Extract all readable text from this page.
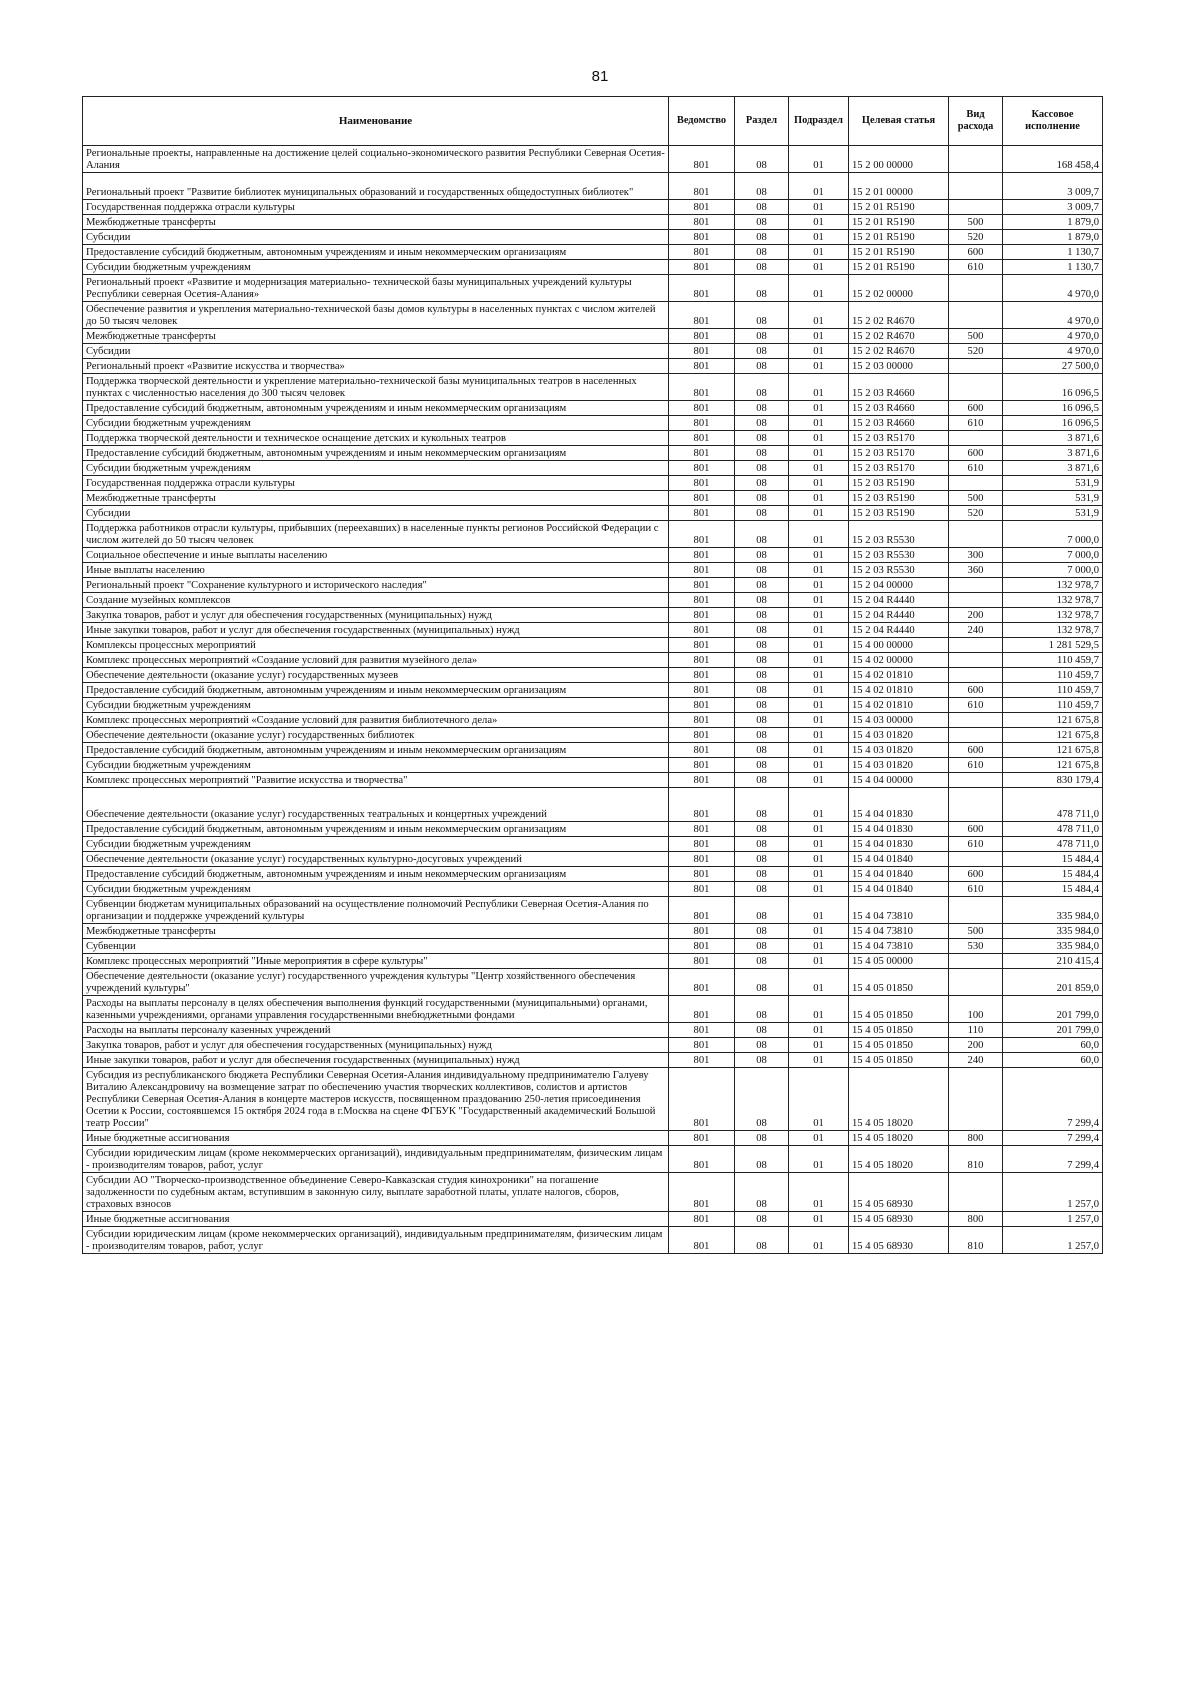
81
Наименование	Ведомство	Раздел	Подраздел	Целевая статья	Вид расхода	Кассовое исполнение
Региональные проекты, направленные на достижение целей социально-экономического развития Республики Северная Осетия-Алания	801	08	01	15 2 00 00000		168 458,4
Региональный проект "Развитие библиотек муниципальных образований и государственных общедоступных библиотек"	801	08	01	15 2 01 00000		3 009,7
Государственная поддержка отрасли культуры	801	08	01	15 2 01 R5190		3 009,7
Межбюджетные трансферты	801	08	01	15 2 01 R5190	500	1 879,0
Субсидии	801	08	01	15 2 01 R5190	520	1 879,0
Предоставление субсидий бюджетным, автономным учреждениям и иным некоммерческим организациям	801	08	01	15 2 01 R5190	600	1 130,7
Субсидии бюджетным учреждениям	801	08	01	15 2 01 R5190	610	1 130,7
Региональный проект «Развитие и модернизация материально- технической базы муниципальных учреждений культуры Республики северная Осетия-Алания»	801	08	01	15 2 02 00000		4 970,0
Обеспечение развития и укрепления материально-технической базы домов культуры в населенных пунктах с числом жителей до 50 тысяч человек	801	08	01	15 2 02 R4670		4 970,0
Межбюджетные трансферты	801	08	01	15 2 02 R4670	500	4 970,0
Субсидии	801	08	01	15 2 02 R4670	520	4 970,0
Региональный проект «Развитие искусства и творчества»	801	08	01	15 2 03 00000		27 500,0
Поддержка творческой деятельности и укрепление материально-технической базы муниципальных театров в населенных пунктах с численностью населения до 300 тысяч человек	801	08	01	15 2 03 R4660		16 096,5
Предоставление субсидий бюджетным, автономным учреждениям и иным некоммерческим организациям	801	08	01	15 2 03 R4660	600	16 096,5
Субсидии бюджетным учреждениям	801	08	01	15 2 03 R4660	610	16 096,5
Поддержка творческой деятельности и техническое оснащение детских и кукольных театров	801	08	01	15 2 03 R5170		3 871,6
Предоставление субсидий бюджетным, автономным учреждениям и иным некоммерческим организациям	801	08	01	15 2 03 R5170	600	3 871,6
Субсидии бюджетным учреждениям	801	08	01	15 2 03 R5170	610	3 871,6
Государственная поддержка отрасли культуры	801	08	01	15 2 03 R5190		531,9
Межбюджетные трансферты	801	08	01	15 2 03 R5190	500	531,9
Субсидии	801	08	01	15 2 03 R5190	520	531,9
Поддержка работников отрасли культуры, прибывших (переехавших) в населенные пункты регионов Российской Федерации с числом жителей до 50 тысяч человек	801	08	01	15 2 03 R5530		7 000,0
Социальное обеспечение и иные выплаты населению	801	08	01	15 2 03 R5530	300	7 000,0
Иные выплаты населению	801	08	01	15 2 03 R5530	360	7 000,0
Региональный проект "Сохранение культурного и исторического наследия"	801	08	01	15 2 04 00000		132 978,7
Создание музейных комплексов	801	08	01	15 2 04 R4440		132 978,7
Закупка товаров, работ и услуг для обеспечения государственных (муниципальных) нужд	801	08	01	15 2 04 R4440	200	132 978,7
Иные закупки товаров, работ и услуг для обеспечения государственных (муниципальных) нужд	801	08	01	15 2 04 R4440	240	132 978,7
Комплексы процессных мероприятий	801	08	01	15 4 00 00000		1 281 529,5
Комплекс процессных мероприятий «Создание условий для развития музейного дела»	801	08	01	15 4 02 00000		110 459,7
Обеспечение деятельности (оказание услуг) государственных музеев	801	08	01	15 4 02 01810		110 459,7
Предоставление субсидий бюджетным, автономным учреждениям и иным некоммерческим организациям	801	08	01	15 4 02 01810	600	110 459,7
Субсидии бюджетным учреждениям	801	08	01	15 4 02 01810	610	110 459,7
Комплекс процессных мероприятий «Создание условий для развития библиотечного дела»	801	08	01	15 4 03 00000		121 675,8
Обеспечение деятельности (оказание услуг) государственных библиотек	801	08	01	15 4 03 01820		121 675,8
Предоставление субсидий бюджетным, автономным учреждениям и иным некоммерческим организациям	801	08	01	15 4 03 01820	600	121 675,8
Субсидии бюджетным учреждениям	801	08	01	15 4 03 01820	610	121 675,8
Комплекс процессных мероприятий "Развитие искусства и творчества"	801	08	01	15 4 04 00000		830 179,4
Обеспечение деятельности (оказание услуг) государственных театральных и концертных учреждений	801	08	01	15 4 04 01830		478 711,0
Предоставление субсидий бюджетным, автономным учреждениям и иным некоммерческим организациям	801	08	01	15 4 04 01830	600	478 711,0
Субсидии бюджетным учреждениям	801	08	01	15 4 04 01830	610	478 711,0
Обеспечение деятельности (оказание услуг) государственных культурно-досуговых учреждений	801	08	01	15 4 04 01840		15 484,4
Предоставление субсидий бюджетным, автономным учреждениям и иным некоммерческим организациям	801	08	01	15 4 04 01840	600	15 484,4
Субсидии бюджетным учреждениям	801	08	01	15 4 04 01840	610	15 484,4
Субвенции бюджетам муниципальных образований на осуществление полномочий Республики Северная Осетия-Алания по организации и поддержке учреждений культуры	801	08	01	15 4 04 73810		335 984,0
Межбюджетные трансферты	801	08	01	15 4 04 73810	500	335 984,0
Субвенции	801	08	01	15 4 04 73810	530	335 984,0
Комплекс процессных мероприятий "Иные мероприятия в сфере культуры"	801	08	01	15 4 05 00000		210 415,4
Обеспечение деятельности (оказание услуг) государственного учреждения культуры "Центр хозяйственного обеспечения учреждений культуры"	801	08	01	15 4 05 01850		201 859,0
Расходы на выплаты персоналу в целях обеспечения выполнения функций государственными (муниципальными) органами, казенными учреждениями, органами управления государственными внебюджетными фондами	801	08	01	15 4 05 01850	100	201 799,0
Расходы на выплаты персоналу казенных учреждений	801	08	01	15 4 05 01850	110	201 799,0
Закупка товаров, работ и услуг для обеспечения государственных (муниципальных) нужд	801	08	01	15 4 05 01850	200	60,0
Иные закупки товаров, работ и услуг для обеспечения государственных (муниципальных) нужд	801	08	01	15 4 05 01850	240	60,0
Субсидия из республиканского бюджета Республики Северная Осетия-Алания индивидуальному предпринимателю Галуеву Виталию Александровичу на возмещение затрат по обеспечению участия творческих коллективов, солистов и артистов Республики Северная Осетия-Алания в концерте мастеров искусств, посвященном праздованию 250-летия присоединения Осетии к России, состоявшемся 15 октября 2024 года в г.Москва на сцене ФГБУК "Государственный академический Большой театр России"	801	08	01	15 4 05 18020		7 299,4
Иные бюджетные ассигнования	801	08	01	15 4 05 18020	800	7 299,4
Субсидии юридическим лицам (кроме некоммерческих организаций), индивидуальным предпринимателям, физическим лицам - производителям товаров, работ, услуг	801	08	01	15 4 05 18020	810	7 299,4
Субсидии АО "Творческо-производственное объединение Северо-Кавказская студия кинохроники" на погашение задолженности по судебным актам, вступившим в законную силу, выплате заработной платы, уплате налогов, сборов, страховых взносов	801	08	01	15 4 05 68930		1 257,0
Иные бюджетные ассигнования	801	08	01	15 4 05 68930	800	1 257,0
Субсидии юридическим лицам (кроме некоммерческих организаций), индивидуальным предпринимателям, физическим лицам - производителям товаров, работ, услуг	801	08	01	15 4 05 68930	810	1 257,0
